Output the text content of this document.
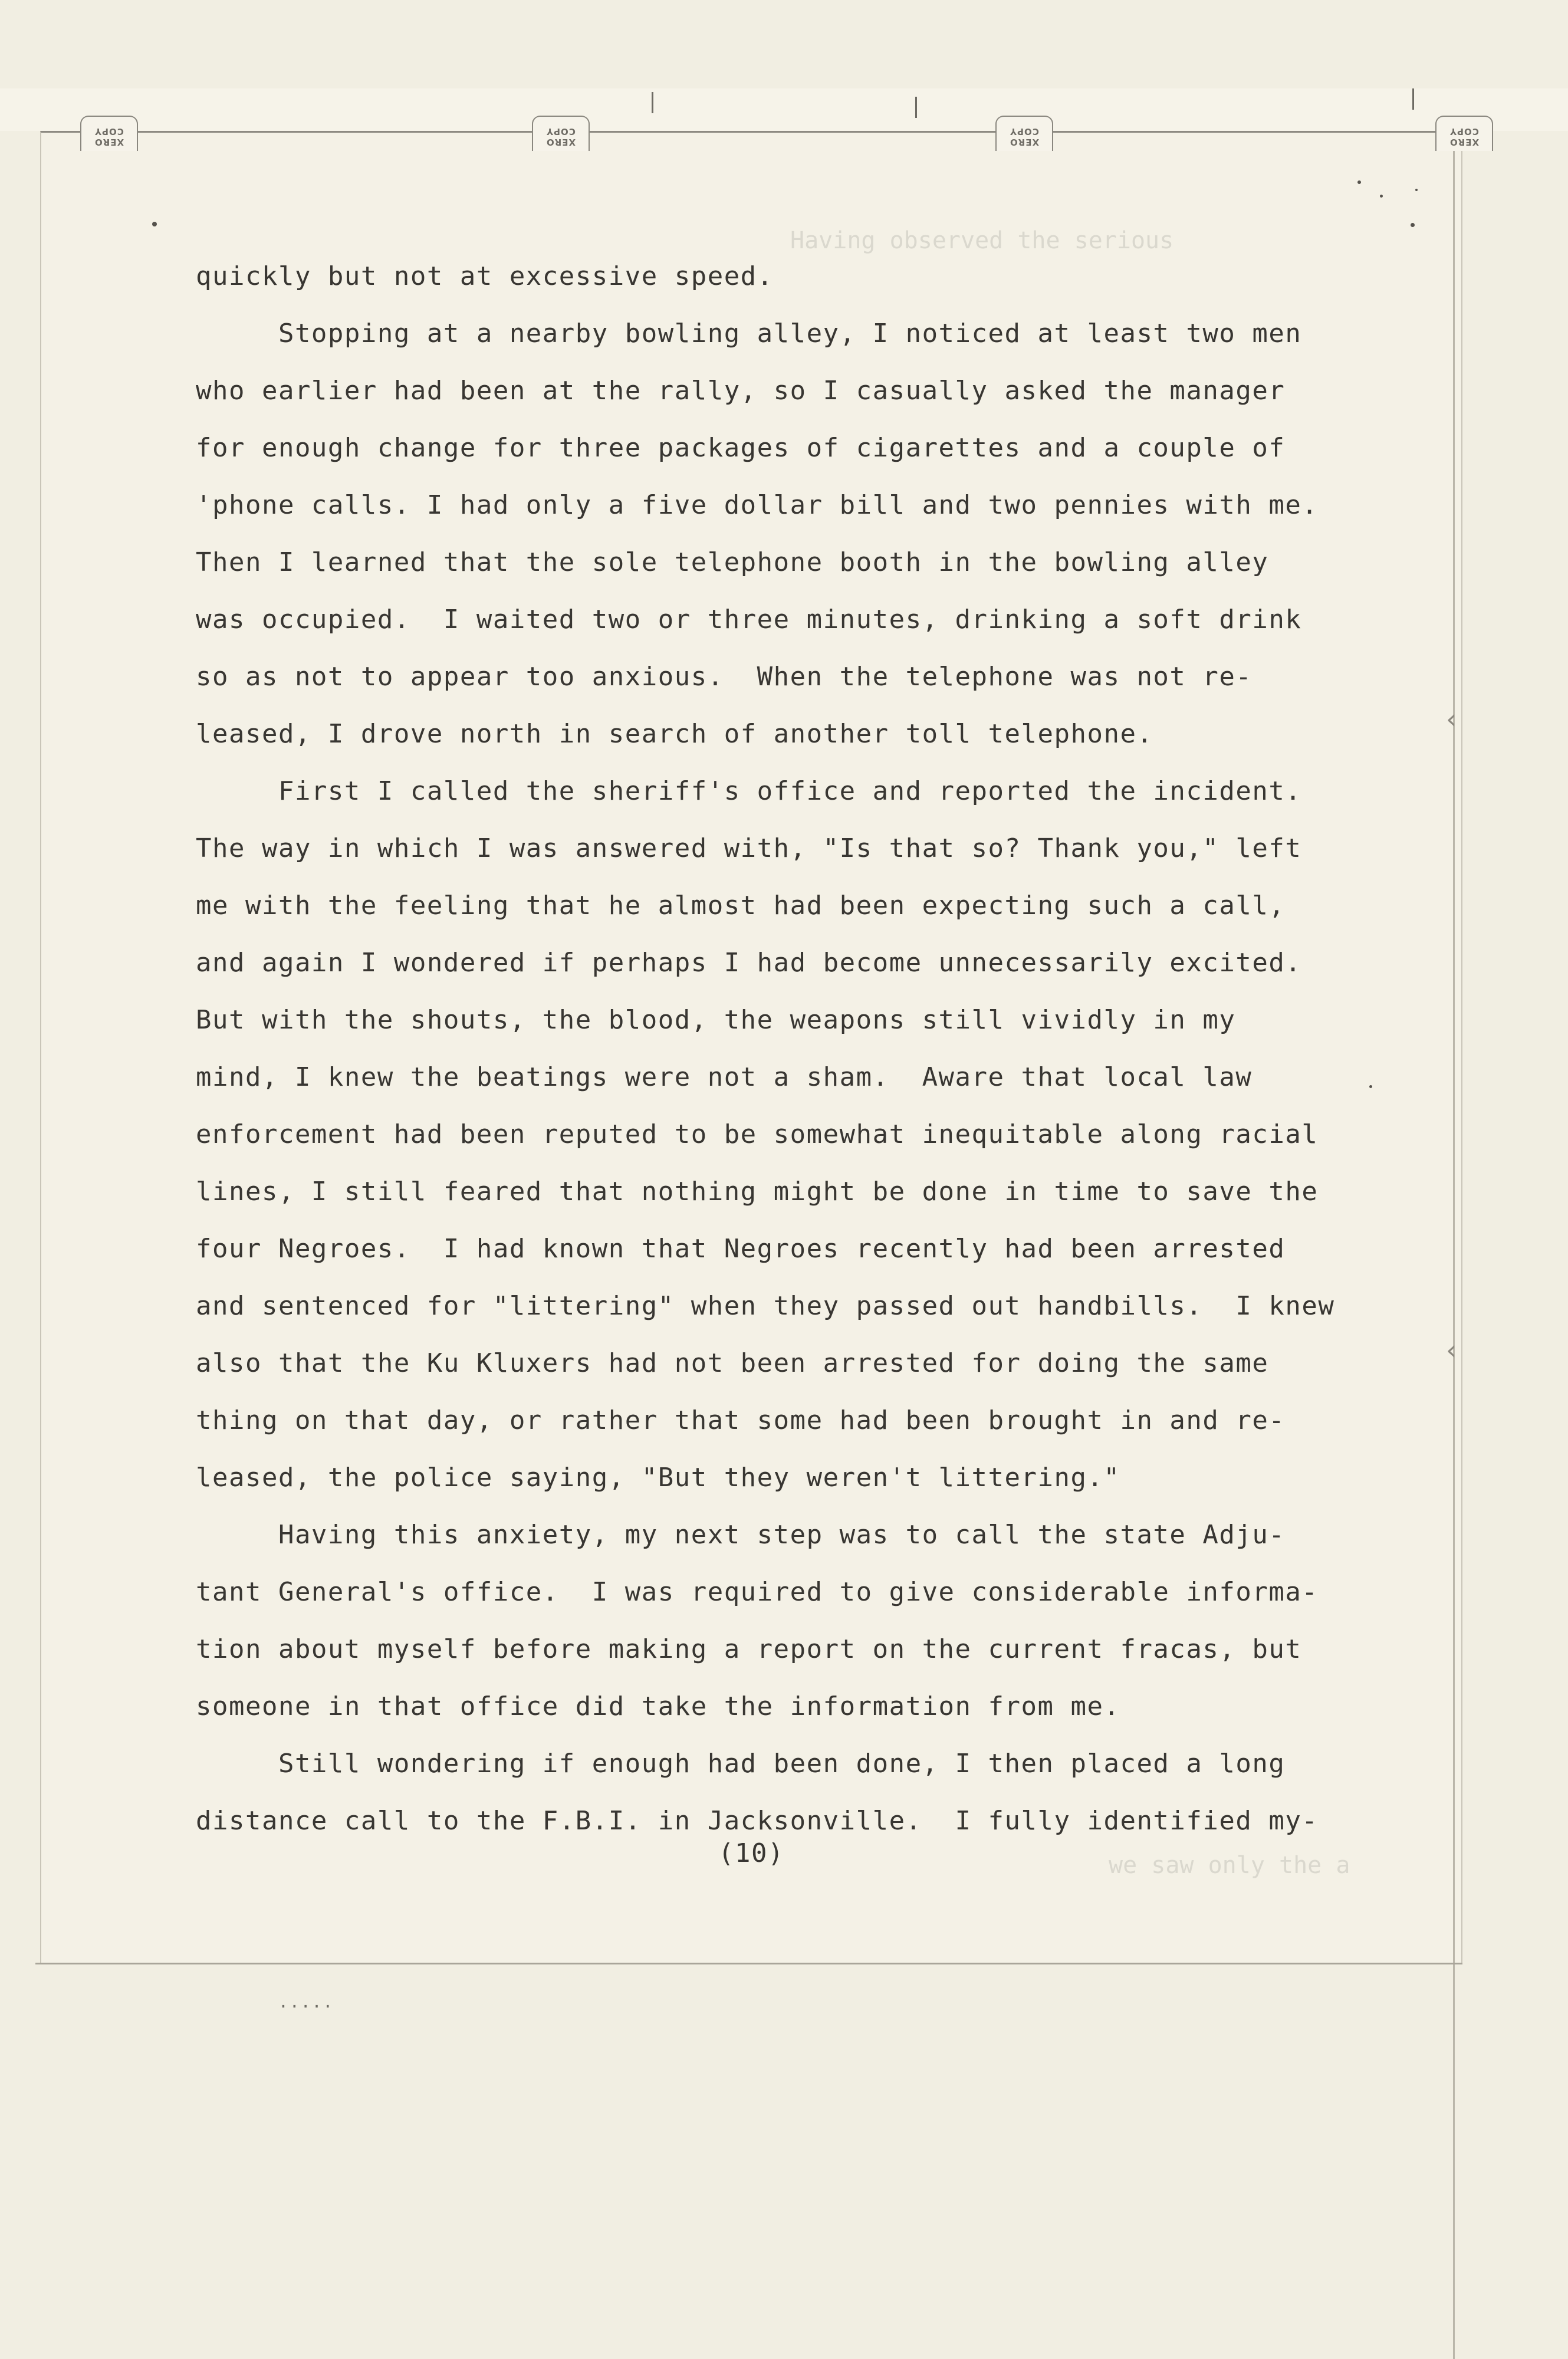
XERO
COPY
XERO
COPY
XERO
COPY
XERO
COPY
Having observed the serious
we saw only the a
quickly but not at excessive speed.
Stopping at a nearby bowling alley, I noticed at least two men
who earlier had been at the rally, so I casually asked the manager
for enough change for three packages of cigarettes and a couple of
'phone calls. I had only a five dollar bill and two pennies with me.
Then I learned that the sole telephone booth in the bowling alley
was occupied.  I waited two or three minutes, drinking a soft drink
so as not to appear too anxious.  When the telephone was not re-
leased, I drove north in search of another toll telephone.
First I called the sheriff's office and reported the incident.
The way in which I was answered with, "Is that so? Thank you," left
me with the feeling that he almost had been expecting such a call,
and again I wondered if perhaps I had become unnecessarily excited.
But with the shouts, the blood, the weapons still vividly in my
mind, I knew the beatings were not a sham.  Aware that local law
enforcement had been reputed to be somewhat inequitable along racial
lines, I still feared that nothing might be done in time to save the
four Negroes.  I had known that Negroes recently had been arrested
and sentenced for "littering" when they passed out handbills.  I knew
also that the Ku Kluxers had not been arrested for doing the same
thing on that day, or rather that some had been brought in and re-
leased, the police saying, "But they weren't littering."
Having this anxiety, my next step was to call the state Adju-
tant General's office.  I was required to give considerable informa-
tion about myself before making a report on the current fracas, but
someone in that office did take the information from me.
Still wondering if enough had been done, I then placed a long
distance call to the F.B.I. in Jacksonville.  I fully identified my-
(10)
.....
‹
‹
